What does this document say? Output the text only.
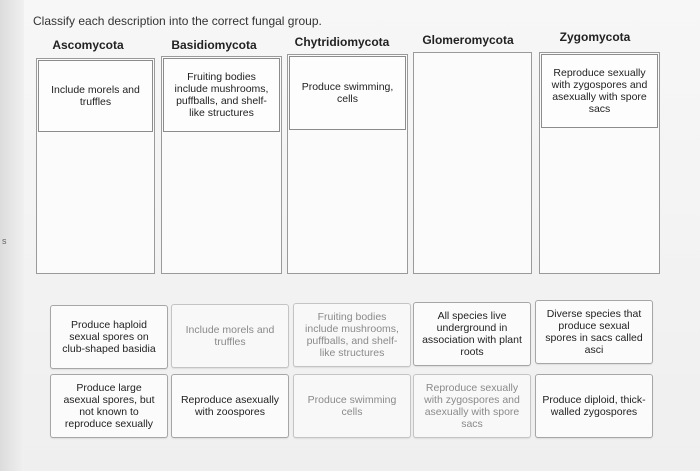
s
Classify each description into the correct fungal group.
Ascomycota	Basidiomycota	Chytridiomycota	Glomeromycota	Zygomycota
Include morels and truffles
Fruiting bodies include mushrooms, puffballs, and shelf-like structures
Produce swimming, cells
Reproduce sexually with zygospores and asexually with spore sacs
Produce haploid sexual spores on club-shaped basidia
Include morels and truffles
Fruiting bodies include mushrooms, puffballs, and shelf-like structures
All species live underground in association with plant roots
Diverse species that produce sexual spores in sacs called asci
Produce large asexual spores, but not known to reproduce sexually
Reproduce asexually with zoospores
Produce swimming cells
Reproduce sexually with zygospores and asexually with spore sacs
Produce diploid, thick-walled zygospores
